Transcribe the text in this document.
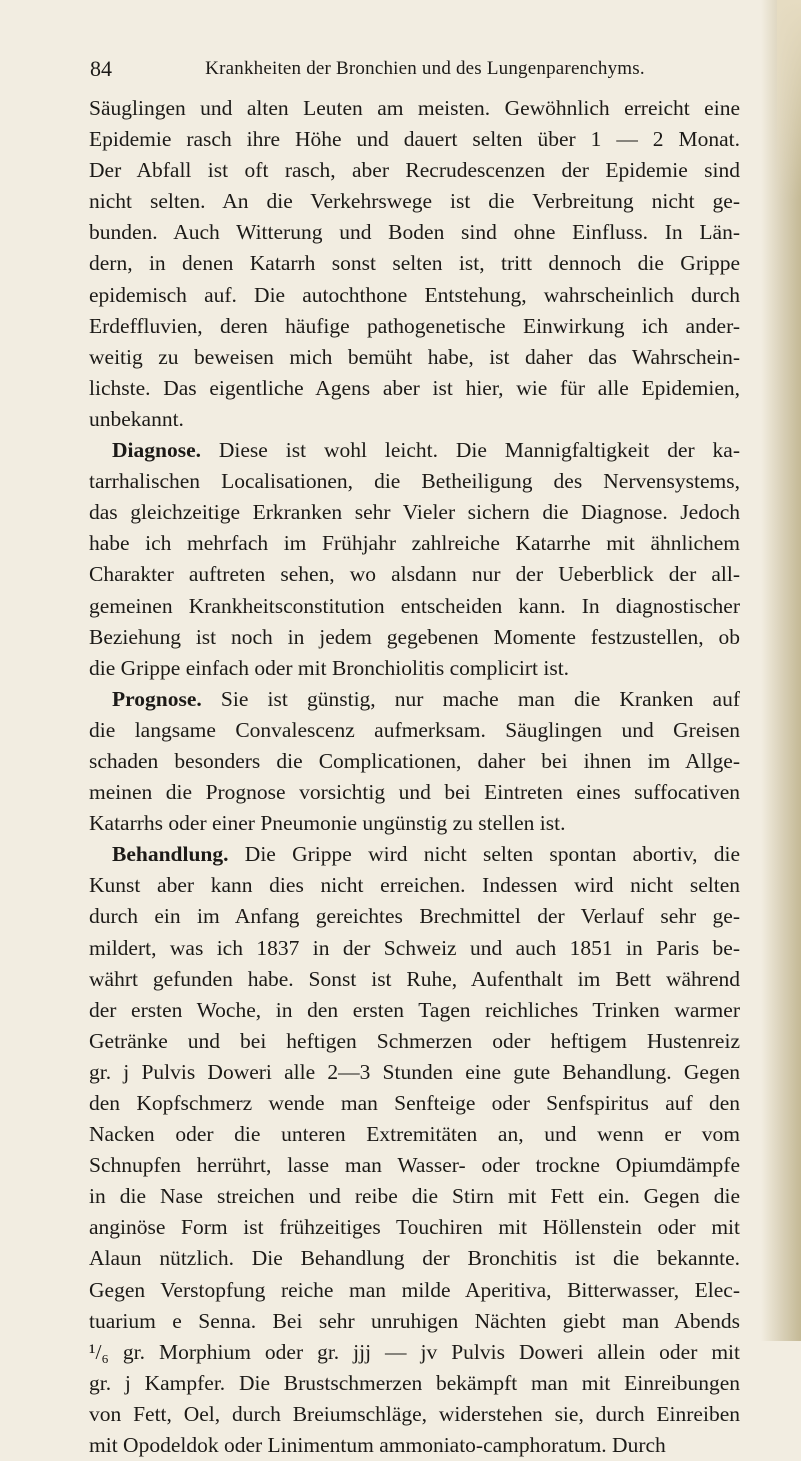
84	Krankheiten der Bronchien und des Lungenparenchyms.
Säuglingen und alten Leuten am meisten. Gewöhnlich erreicht eine
Epidemie rasch ihre Höhe und dauert selten über 1 — 2 Monat.
Der Abfall ist oft rasch, aber Recrudescenzen der Epidemie sind
nicht selten. An die Verkehrswege ist die Verbreitung nicht ge-
bunden. Auch Witterung und Boden sind ohne Einfluss. In Län-
dern, in denen Katarrh sonst selten ist, tritt dennoch die Grippe
epidemisch auf. Die autochthone Entstehung, wahrscheinlich durch
Erdeffluvien, deren häufige pathogenetische Einwirkung ich ander-
weitig zu beweisen mich bemüht habe, ist daher das Wahrschein-
lichste. Das eigentliche Agens aber ist hier, wie für alle Epidemien,
unbekannt.
Diagnose. Diese ist wohl leicht. Die Mannigfaltigkeit der ka-
tarrhalischen Localisationen, die Betheiligung des Nervensystems,
das gleichzeitige Erkranken sehr Vieler sichern die Diagnose. Jedoch
habe ich mehrfach im Frühjahr zahlreiche Katarrhe mit ähnlichem
Charakter auftreten sehen, wo alsdann nur der Ueberblick der all-
gemeinen Krankheitsconstitution entscheiden kann. In diagnostischer
Beziehung ist noch in jedem gegebenen Momente festzustellen, ob
die Grippe einfach oder mit Bronchiolitis complicirt ist.
Prognose. Sie ist günstig, nur mache man die Kranken auf
die langsame Convalescenz aufmerksam. Säuglingen und Greisen
schaden besonders die Complicationen, daher bei ihnen im Allge-
meinen die Prognose vorsichtig und bei Eintreten eines suffocativen
Katarrhs oder einer Pneumonie ungünstig zu stellen ist.
Behandlung. Die Grippe wird nicht selten spontan abortiv, die
Kunst aber kann dies nicht erreichen. Indessen wird nicht selten
durch ein im Anfang gereichtes Brechmittel der Verlauf sehr ge-
mildert, was ich 1837 in der Schweiz und auch 1851 in Paris be-
währt gefunden habe. Sonst ist Ruhe, Aufenthalt im Bett während
der ersten Woche, in den ersten Tagen reichliches Trinken warmer
Getränke und bei heftigen Schmerzen oder heftigem Hustenreiz
gr. j Pulvis Doweri alle 2—3 Stunden eine gute Behandlung. Gegen
den Kopfschmerz wende man Senfteige oder Senfspiritus auf den
Nacken oder die unteren Extremitäten an, und wenn er vom
Schnupfen herrührt, lasse man Wasser- oder trockne Opiumdämpfe
in die Nase streichen und reibe die Stirn mit Fett ein. Gegen die
anginöse Form ist frühzeitiges Touchiren mit Höllenstein oder mit
Alaun nützlich. Die Behandlung der Bronchitis ist die bekannte.
Gegen Verstopfung reiche man milde Aperitiva, Bitterwasser, Elec-
tuarium e Senna. Bei sehr unruhigen Nächten giebt man Abends
¹/₆ gr. Morphium oder gr. jjj — jv Pulvis Doweri allein oder mit
gr. j Kampfer. Die Brustschmerzen bekämpft man mit Einreibungen
von Fett, Oel, durch Breiumschläge, widerstehen sie, durch Einreiben
mit Opodeldok oder Linimentum ammoniato-camphoratum. Durch
